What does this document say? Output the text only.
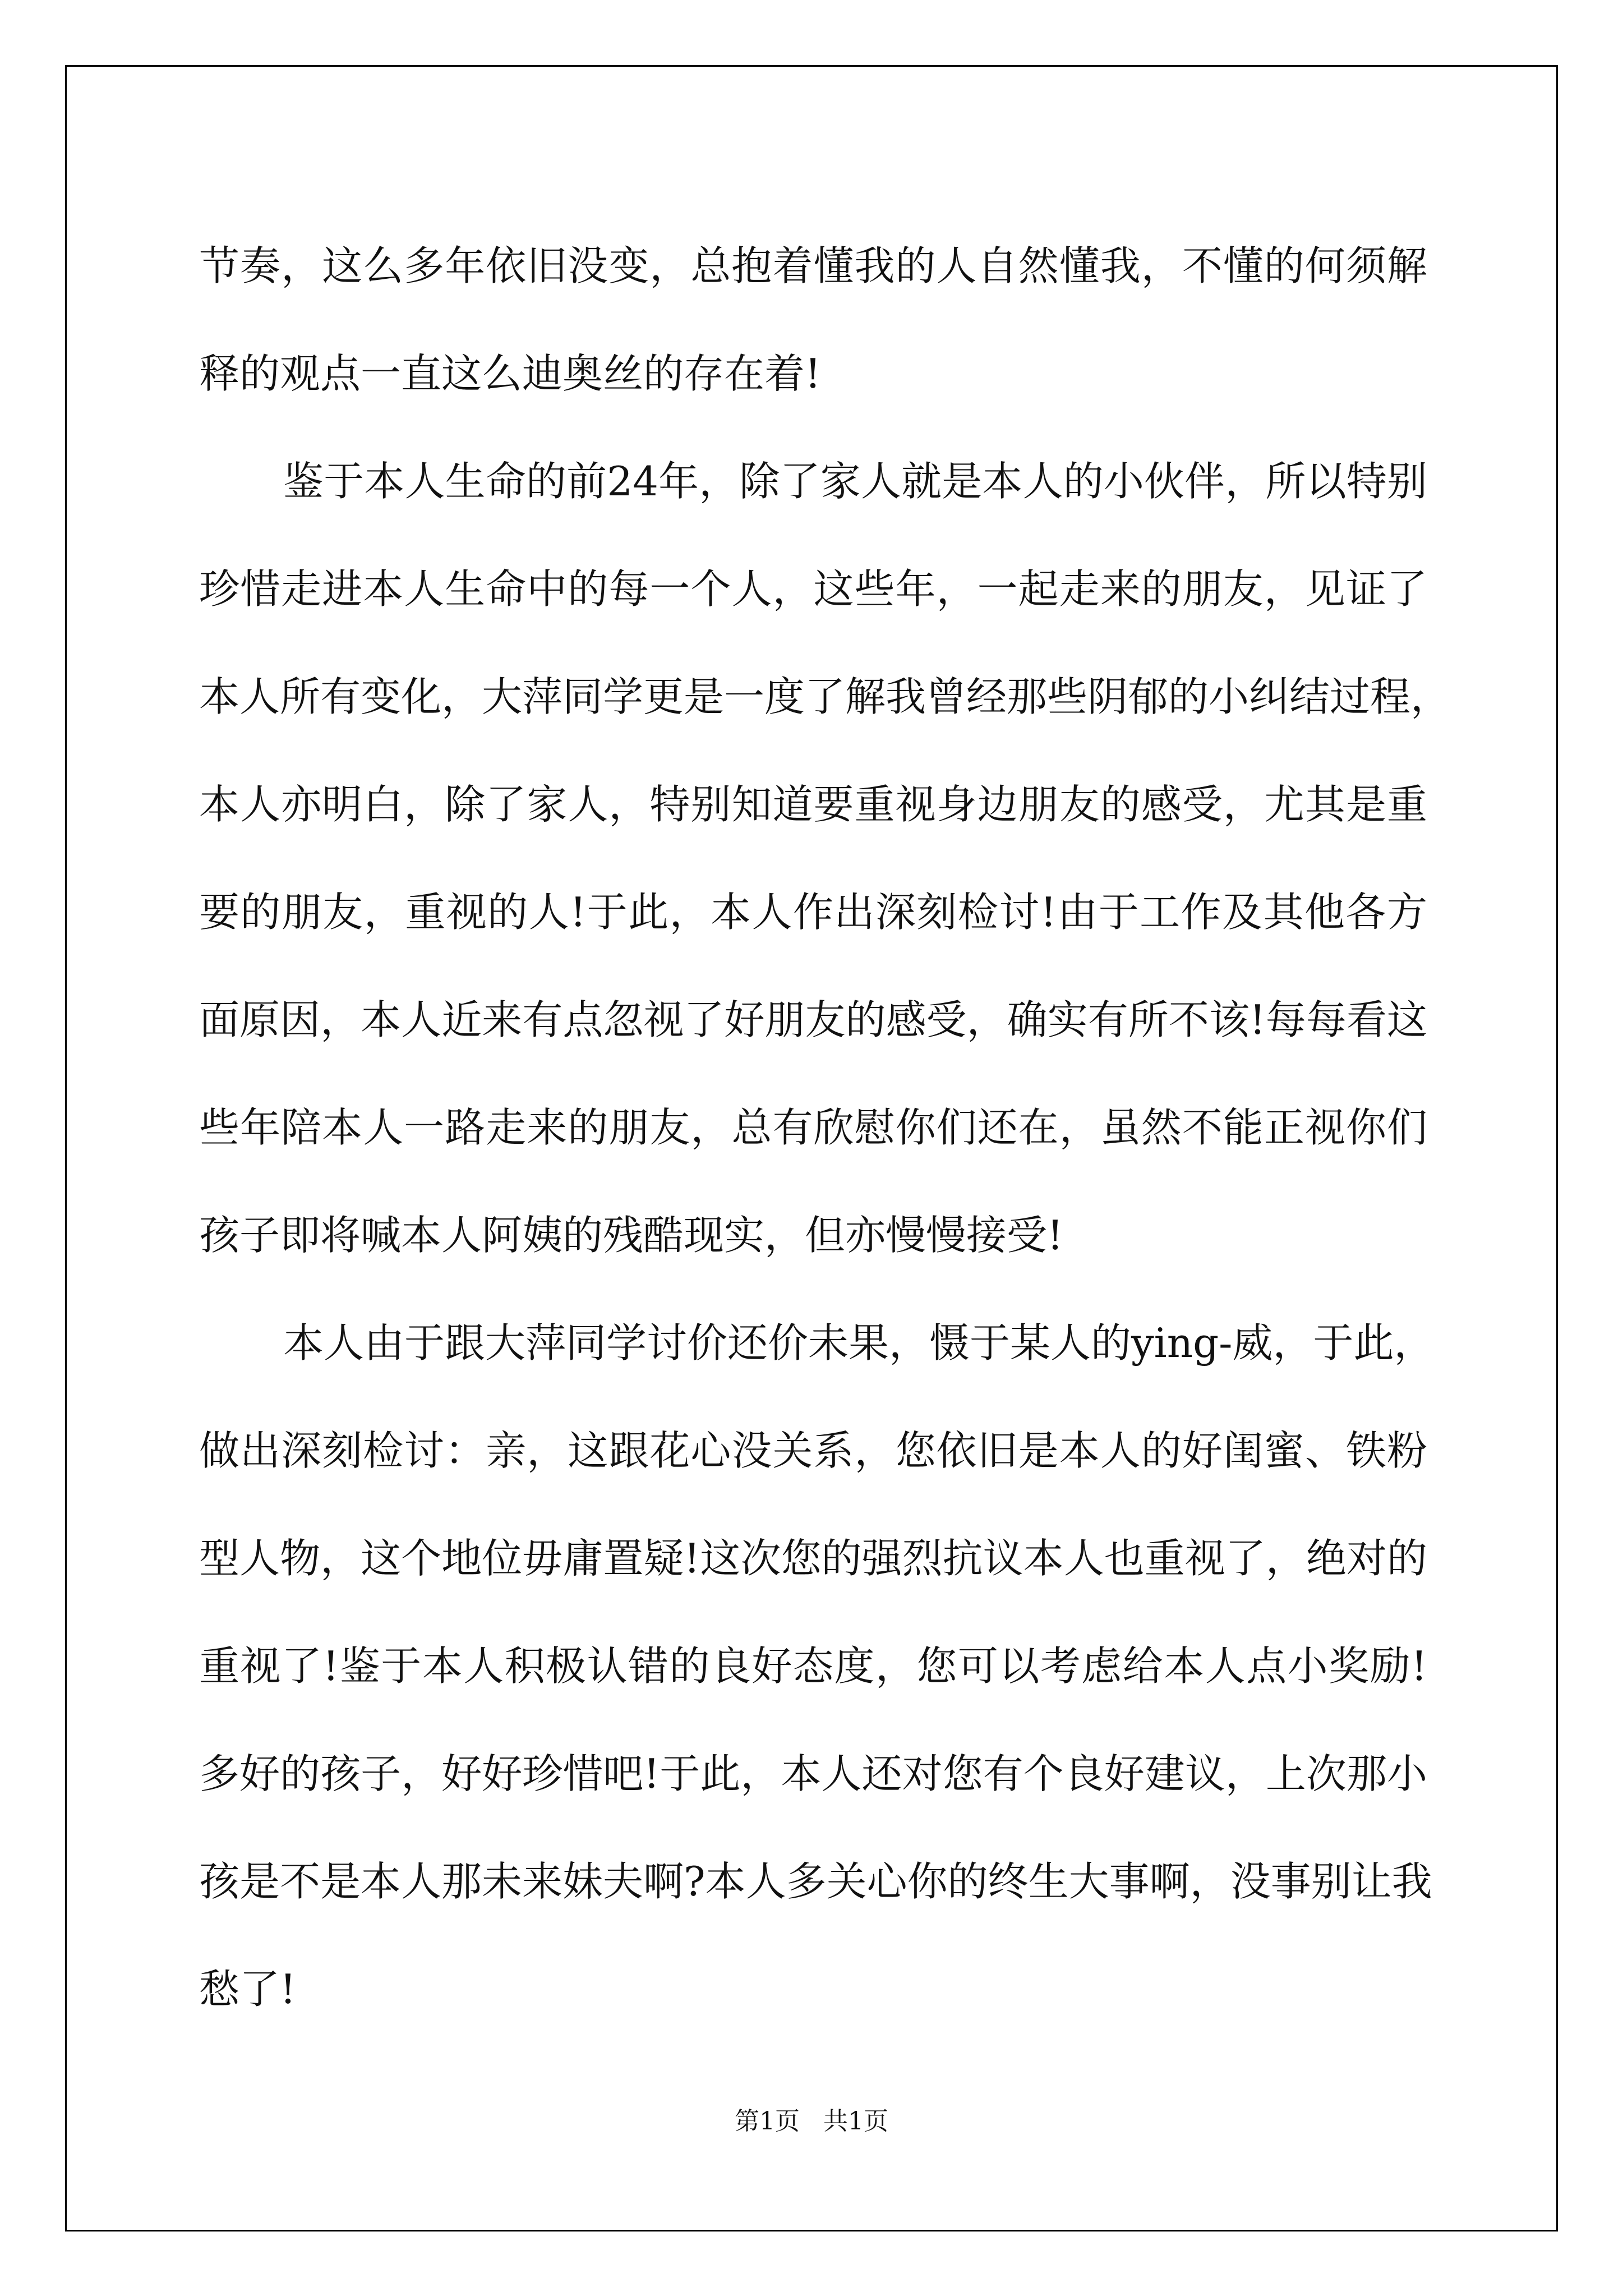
节奏，这么多年依旧没变，总抱着懂我的人自然懂我，不懂的何须解
释的观点一直这么迪奥丝的存在着!
鉴于本人生命的前24年，除了家人就是本人的小伙伴，所以特别
珍惜走进本人生命中的每一个人，这些年，一起走来的朋友，见证了
本人所有变化，大萍同学更是一度了解我曾经那些阴郁的小纠结过程，
本人亦明白，除了家人，特别知道要重视身边朋友的感受，尤其是重
要的朋友，重视的人!于此，本人作出深刻检讨!由于工作及其他各方
面原因，本人近来有点忽视了好朋友的感受，确实有所不该!每每看这
些年陪本人一路走来的朋友，总有欣慰你们还在，虽然不能正视你们
孩子即将喊本人阿姨的残酷现实，但亦慢慢接受!
本人由于跟大萍同学讨价还价未果，慑于某人的ying-威，于此，
做出深刻检讨：亲，这跟花心没关系，您依旧是本人的好闺蜜、铁粉
型人物，这个地位毋庸置疑!这次您的强烈抗议本人也重视了，绝对的
重视了!鉴于本人积极认错的良好态度，您可以考虑给本人点小奖励!
多好的孩子，好好珍惜吧!于此，本人还对您有个良好建议，上次那小
孩是不是本人那未来妹夫啊?本人多关心你的终生大事啊，没事别让我
愁了!
第1页 共1页
